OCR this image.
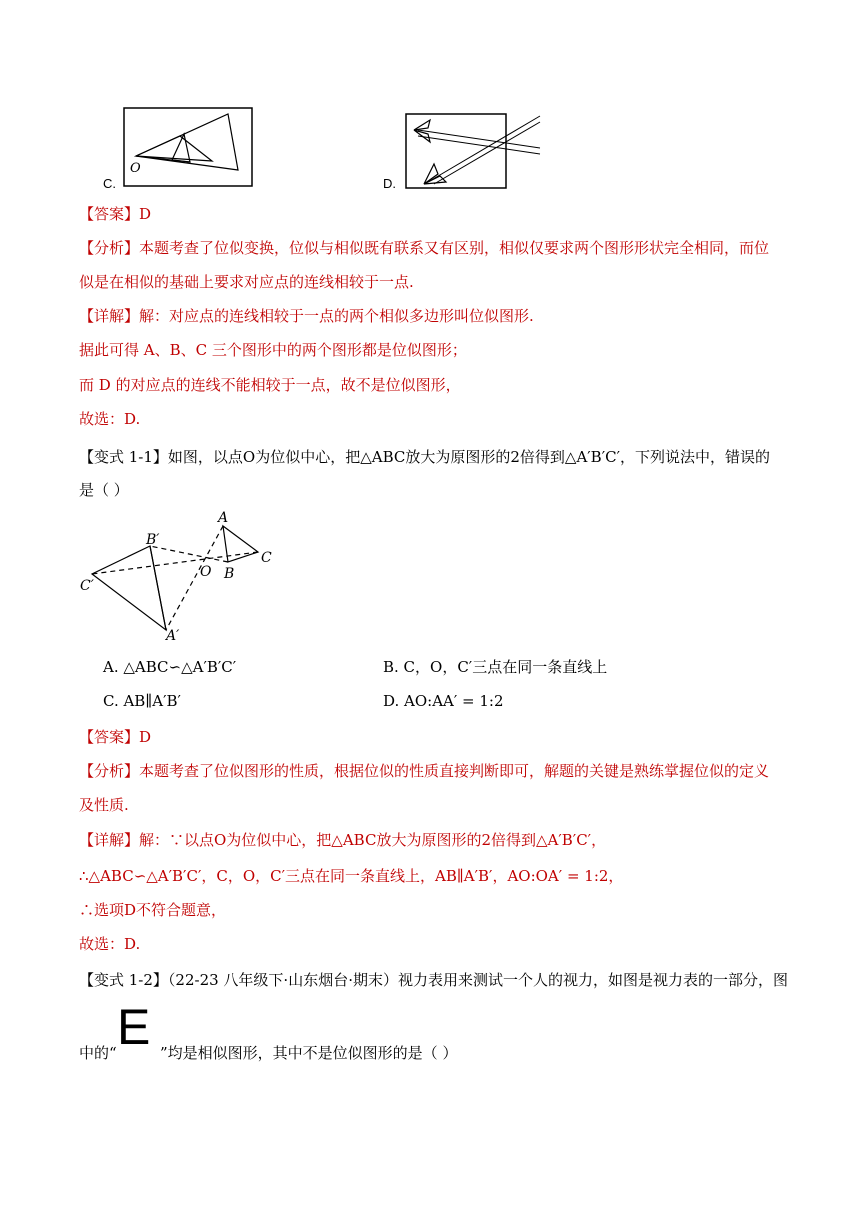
C.
O
D.
【答案】D
【分析】本题考查了位似变换，位似与相似既有联系又有区别，相似仅要求两个图形形状完全相同，而位
似是在相似的基础上要求对应点的连线相较于一点.
【详解】解：对应点的连线相较于一点的两个相似多边形叫位似图形.
据此可得 A、B、C 三个图形中的两个图形都是位似图形；
而 D 的对应点的连线不能相较于一点，故不是位似图形，
故选：D.
【变式 1-1】如图，以点O为位似中心，把△ABC放大为原图形的2倍得到△A′B′C′，下列说法中，错误的
是（ ）
A
B
C
O
A′
B′
C′
A. △ABC∽△A′B′C′	B. C，O，C′三点在同一条直线上
C. AB∥A′B′	D. AO:AA′ = 1:2
【答案】D
【分析】本题考查了位似图形的性质，根据位似的性质直接判断即可，解题的关键是熟练掌握位似的定义
及性质.
【详解】解：∵以点O为位似中心，把△ABC放大为原图形的2倍得到△A′B′C′，
∴△ABC∽△A′B′C′，C，O，C′三点在同一条直线上，AB∥A′B′，AO:OA′ = 1:2，
∴选项D不符合题意，
故选：D.
【变式 1-2】（22-23 八年级下·山东烟台·期末）视力表用来测试一个人的视力，如图是视力表的一部分，图
中的“ E ”均是相似图形，其中不是位似图形的是（ ）
